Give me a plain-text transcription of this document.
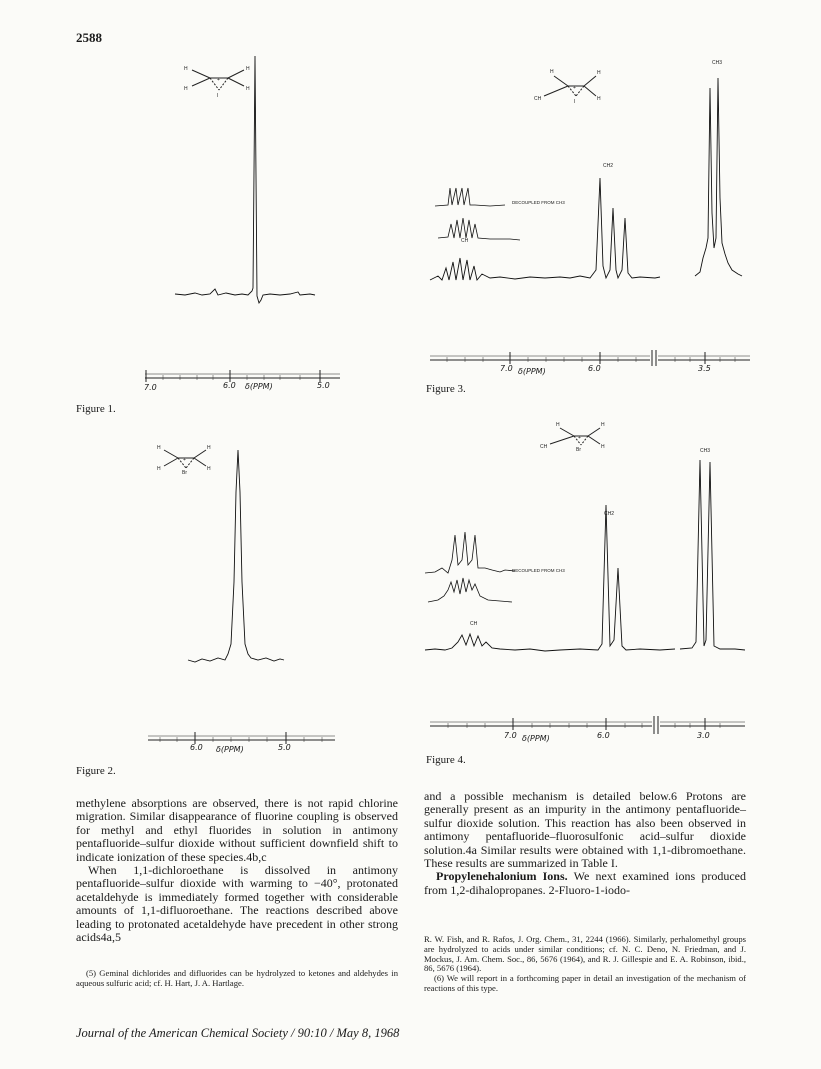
2588
H
H
H
H
I
+
7.0	6.0 δ(PPM)	5.0
Figure 1.
H
H
H
H
Br
+
6.0 δ(PPM)	5.0
Figure 2.
H
CH
H
H
I
+
CH3
CH2
DECOUPLED FROM CH3
CH
7.0 δ(PPM)	6.0	3.5
Figure 3.
H
CH
H
H
Br
+
CH3
CH2
DECOUPLED FROM CH3
CH
7.0 δ(PPM)	6.0	3.0
Figure 4.

methylene absorptions are observed, there is not rapid chlorine migration. Similar disappearance of fluorine coupling is observed for methyl and ethyl fluorides in solution in antimony pentafluoride–sulfur dioxide without sufficient downfield shift to indicate ionization of these species.4b,c

When 1,1-dichloroethane is dissolved in antimony pentafluoride–sulfur dioxide with warming to −40°, protonated acetaldehyde is immediately formed together with considerable amounts of 1,1-difluoroethane. The reactions described above leading to protonated acetaldehyde have precedent in other strong acids4a,5

(5) Geminal dichlorides and difluorides can be hydrolyzed to ketones and aldehydes in aqueous sulfuric acid; cf. H. Hart, J. A. Hartlage.

and a possible mechanism is detailed below.6 Protons are generally present as an impurity in the antimony pentafluoride–sulfur dioxide solution. This reaction has also been observed in antimony pentafluoride–fluorosulfonic acid–sulfur dioxide solution.4a Similar results were obtained with 1,1-dibromoethane. These results are summarized in Table I.

Propylenehalonium Ions. We next examined ions produced from 1,2-dihalopropanes. 2-Fluoro-1-iodo-

R. W. Fish, and R. Rafos, J. Org. Chem., 31, 2244 (1966). Similarly, perhalomethyl groups are hydrolyzed to acids under similar conditions; cf. N. C. Deno, N. Friedman, and J. Mockus, J. Am. Chem. Soc., 86, 5676 (1964), and R. J. Gillespie and E. A. Robinson, ibid., 86, 5676 (1964).

(6) We will report in a forthcoming paper in detail an investigation of the mechanism of reactions of this type.

Journal of the American Chemical Society / 90:10 / May 8, 1968
